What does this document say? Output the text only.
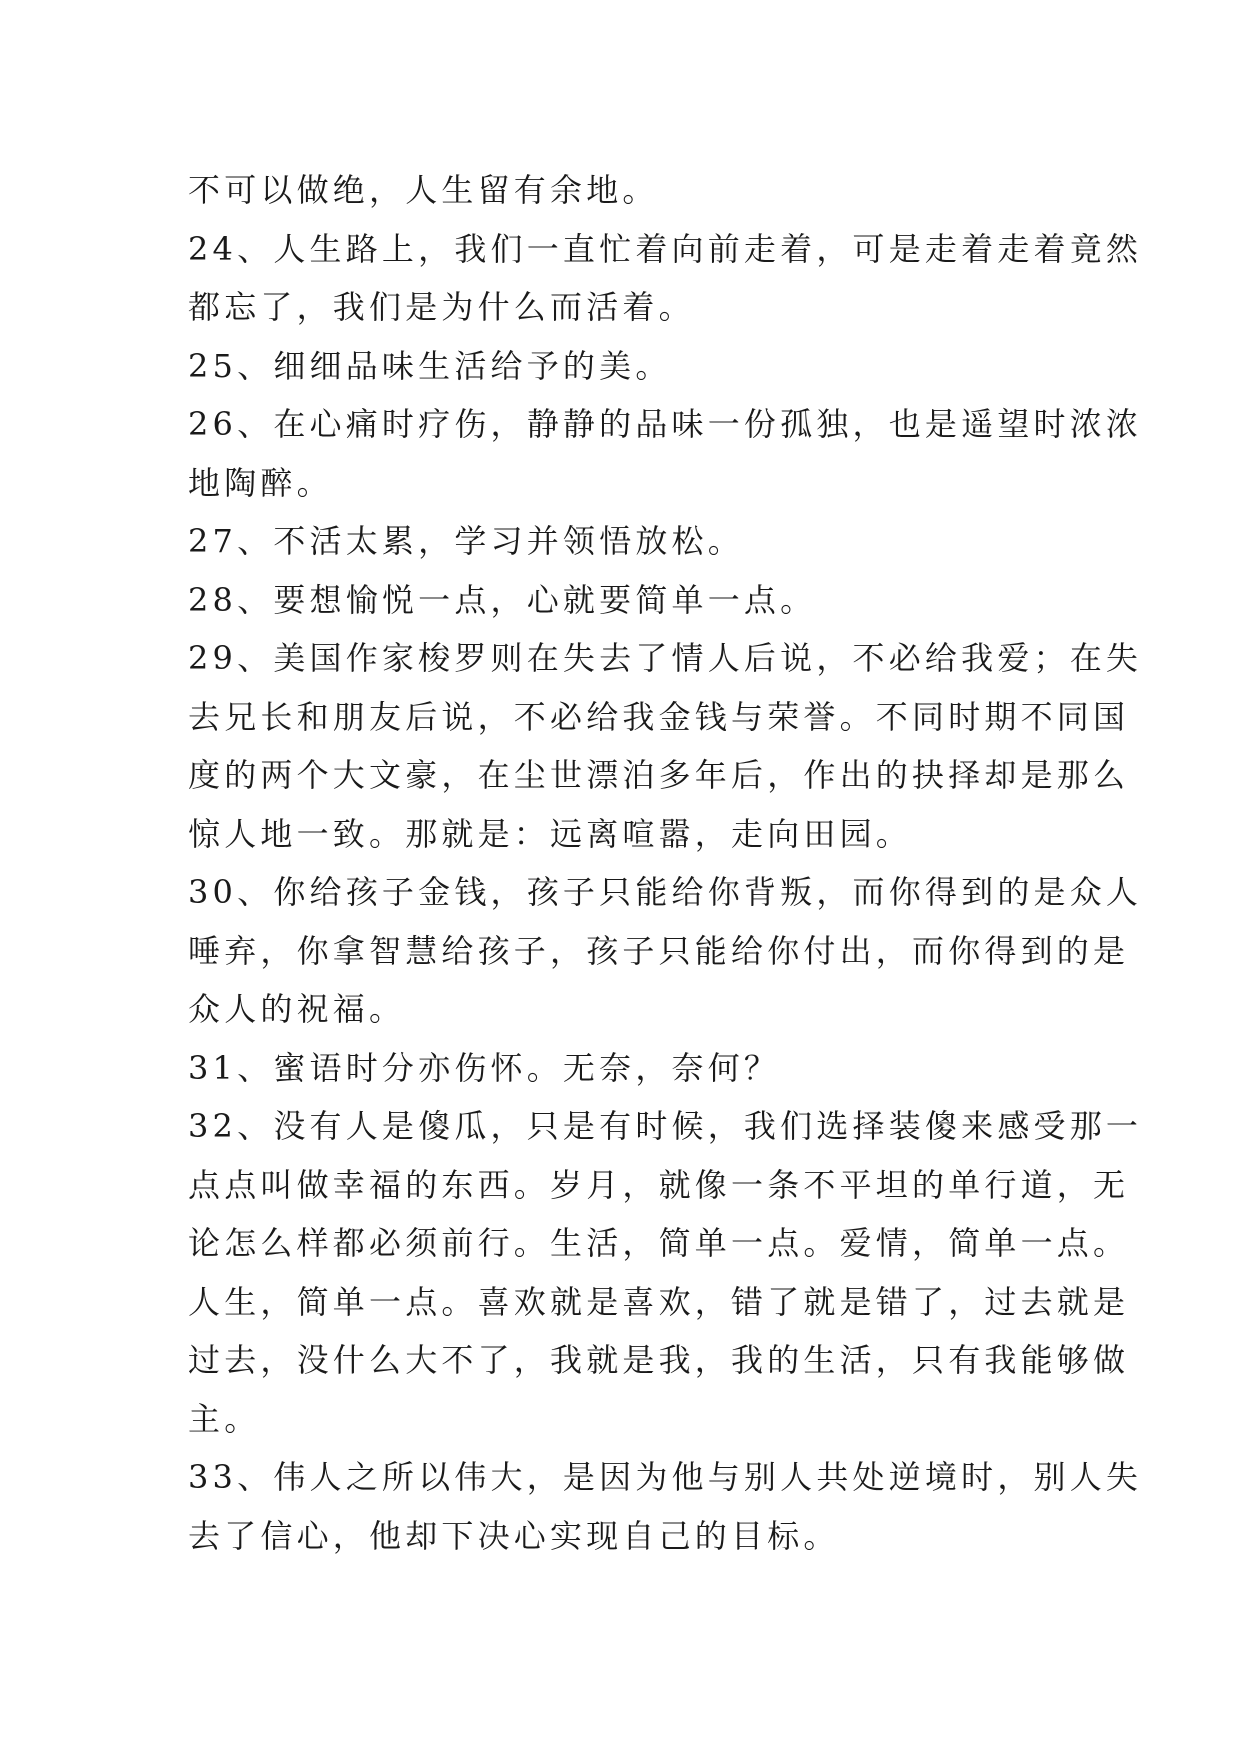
不可以做绝，人生留有余地。
24、人生路上，我们一直忙着向前走着，可是走着走着竟然
都忘了，我们是为什么而活着。
25、细细品味生活给予的美。
26、在心痛时疗伤，静静的品味一份孤独，也是遥望时浓浓
地陶醉。
27、不活太累，学习并领悟放松。
28、要想愉悦一点，心就要简单一点。
29、美国作家梭罗则在失去了情人后说，不必给我爱；在失
去兄长和朋友后说，不必给我金钱与荣誉。不同时期不同国
度的两个大文豪，在尘世漂泊多年后，作出的抉择却是那么
惊人地一致。那就是：远离喧嚣，走向田园。
30、你给孩子金钱，孩子只能给你背叛，而你得到的是众人
唾弃，你拿智慧给孩子，孩子只能给你付出，而你得到的是
众人的祝福。
31、蜜语时分亦伤怀。无奈，奈何？
32、没有人是傻瓜，只是有时候，我们选择装傻来感受那一
点点叫做幸福的东西。岁月，就像一条不平坦的单行道，无
论怎么样都必须前行。生活，简单一点。爱情，简单一点。
人生，简单一点。喜欢就是喜欢，错了就是错了，过去就是
过去，没什么大不了，我就是我，我的生活，只有我能够做
主。
33、伟人之所以伟大，是因为他与别人共处逆境时，别人失
去了信心，他却下决心实现自己的目标。
